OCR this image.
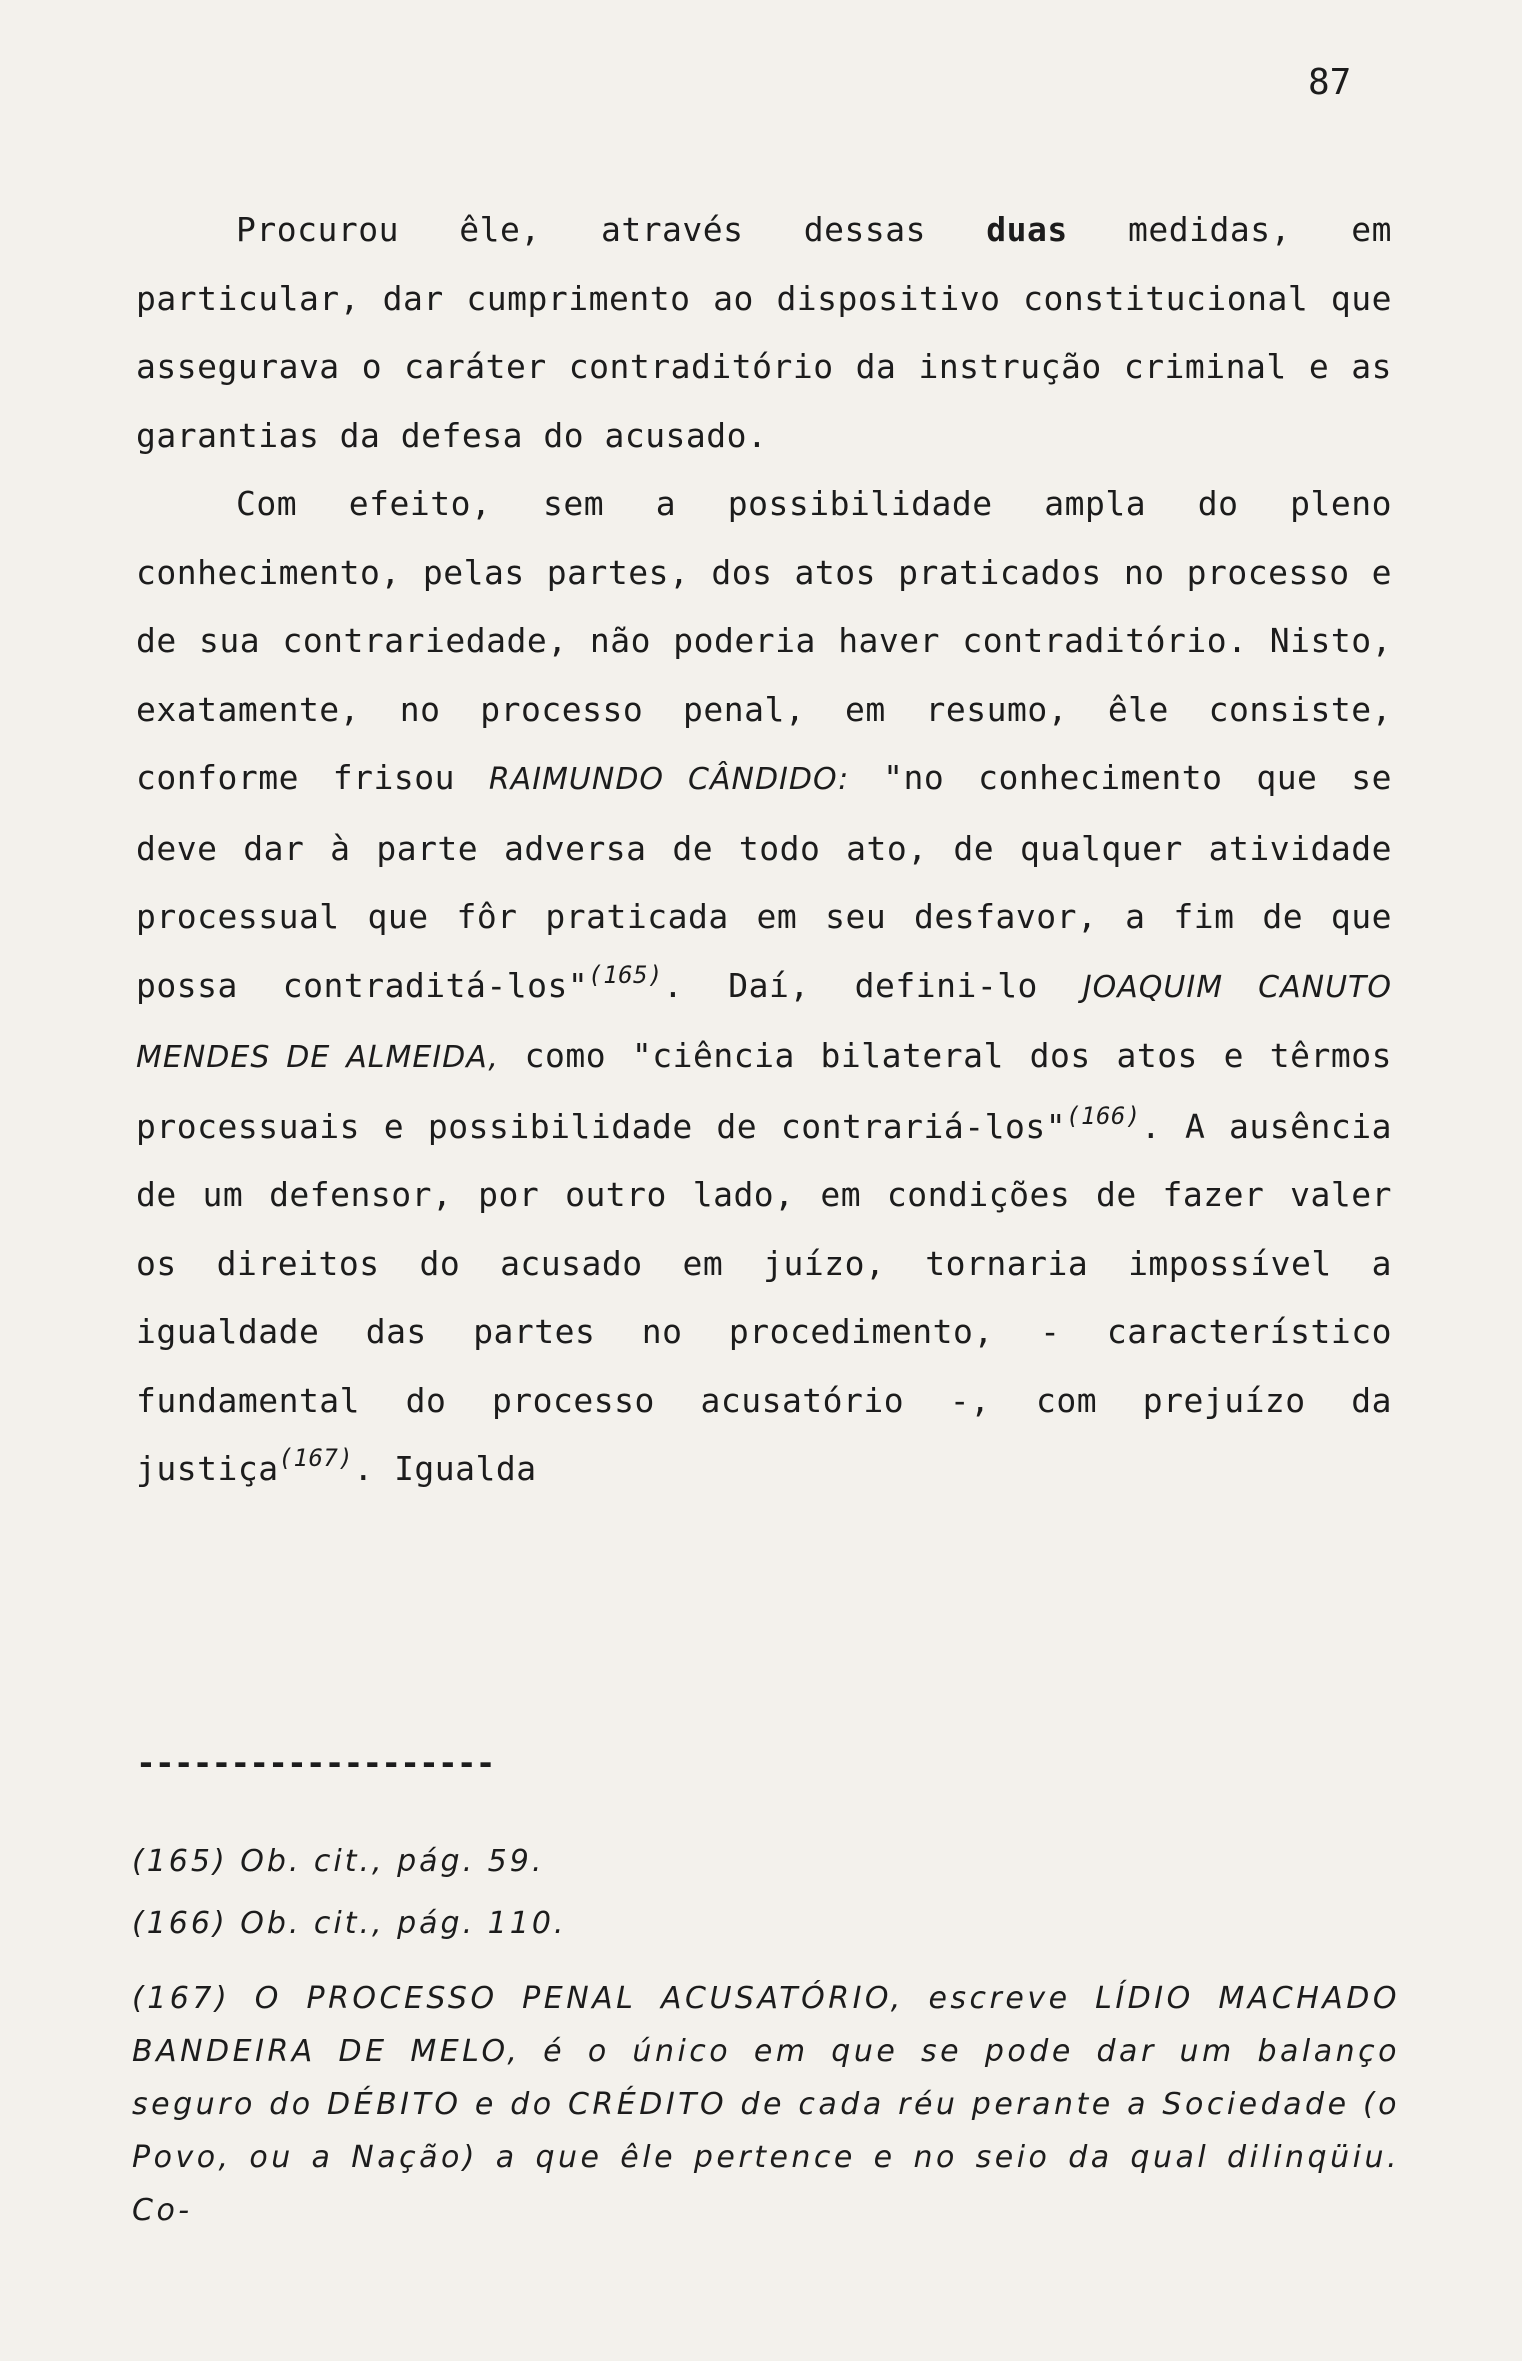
87

Procurou êle, através dessas duas medidas, em particular, dar cumprimento ao dispositivo constitucional que assegurava o caráter contraditório da instrução criminal e as garantias da defesa do acusado.

Com efeito, sem a possibilidade ampla do pleno conhecimento, pelas partes, dos atos praticados no processo e de sua contrariedade, não poderia haver contraditório. Nisto, exatamente, no processo penal, em resumo, êle consiste, conforme frisou RAIMUNDO CÂNDIDO: "no conhecimento que se deve dar à parte adversa de todo ato, de qualquer atividade processual que fôr praticada em seu desfavor, a fim de que possa contraditá-los"$^{(165)}$. Daí, defini-lo JOAQUIM CANUTO MENDES DE ALMEIDA, como "ciência bilateral dos atos e têrmos processuais e possibilidade de contrariá-los"$^{(166)}$. A ausência de um defensor, por outro lado, em condições de fazer valer os direitos do acusado em juízo, tornaria impossível a igualdade das partes no procedimento, - característico fundamental do processo acusatório -, com prejuízo da justiça$^{(167)}$. Igualda

-------------------

(165) Ob. cit., pág. 59.

(166) Ob. cit., pág. 110.

(167) O PROCESSO PENAL ACUSATÓRIO, escreve LÍDIO MACHADO BANDEIRA DE MELO, é o único em que se pode dar um balanço seguro do DÉBITO e do CRÉDITO de cada réu perante a Sociedade (o Povo, ou a Nação) a que êle pertence e no seio da qual dilinqüiu. Co-
